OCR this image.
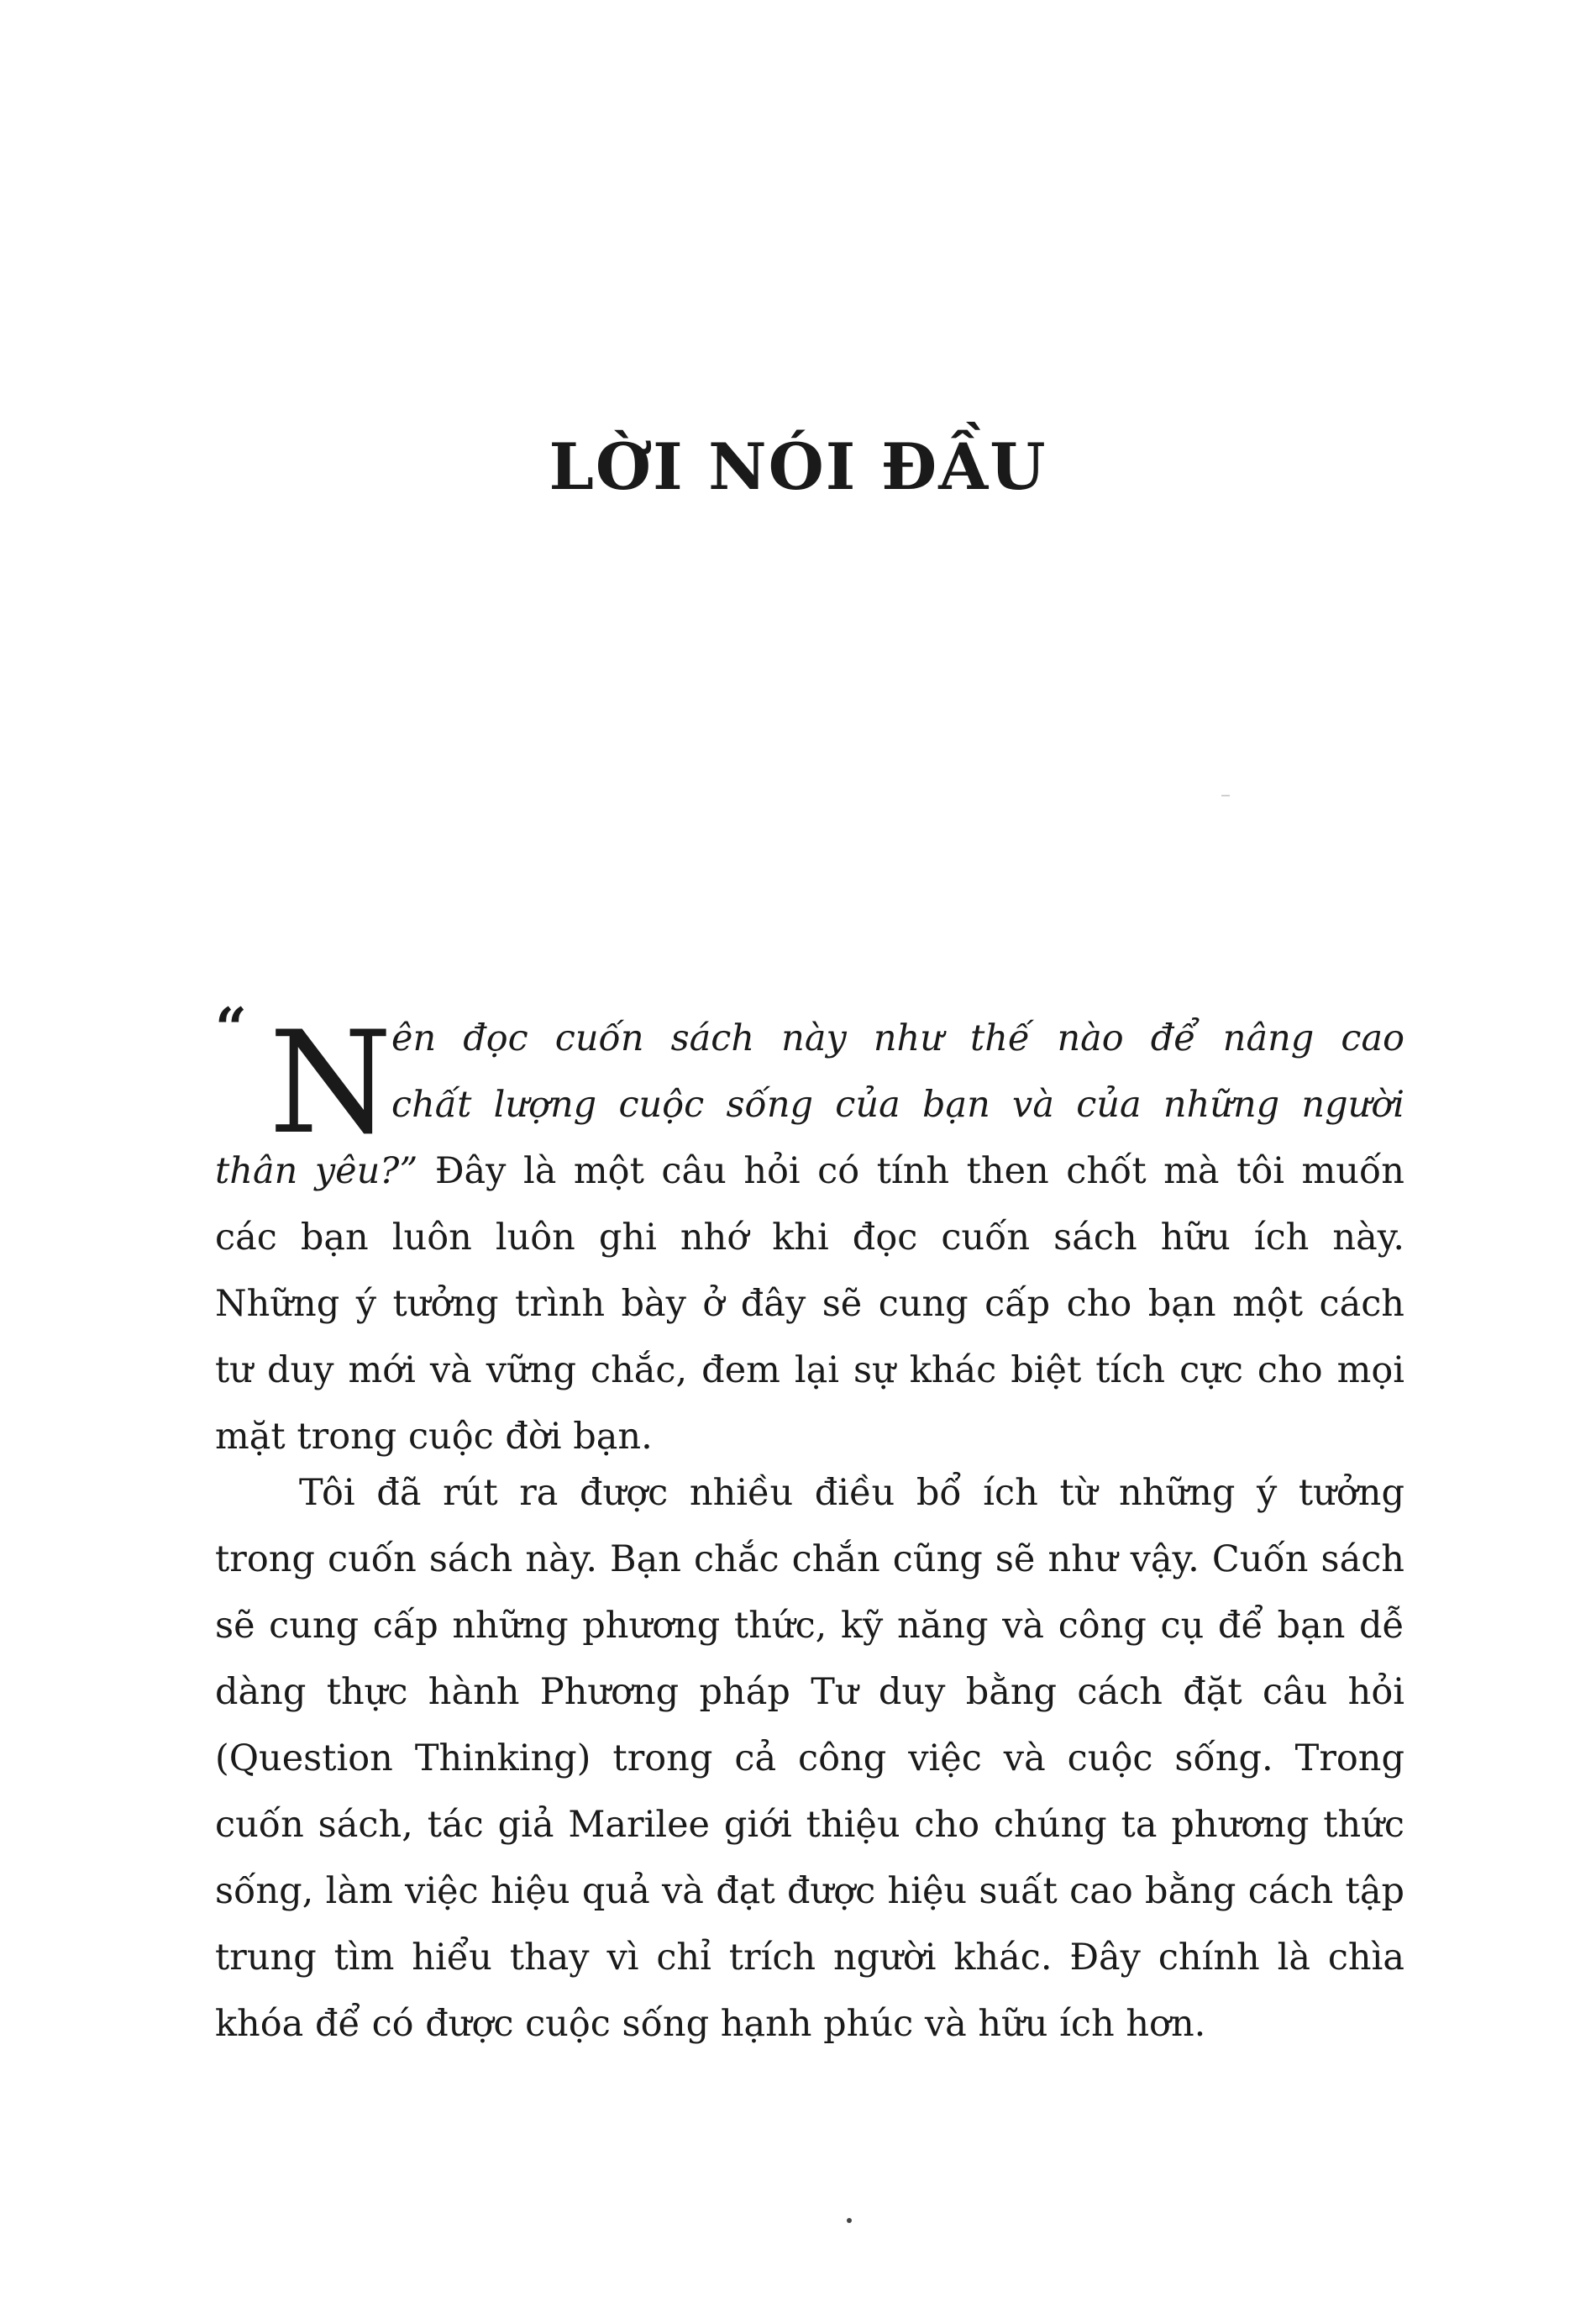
LỜI NÓI ĐẦU
“ N ên đọc cuốn sách này như thế nào để nâng cao
chất lượng cuộc sống của bạn và của những người
thân yêu?” Đây là một câu hỏi có tính then chốt mà tôi muốn
các bạn luôn luôn ghi nhớ khi đọc cuốn sách hữu ích này.
Những ý tưởng trình bày ở đây sẽ cung cấp cho bạn một cách
tư duy mới và vững chắc, đem lại sự khác biệt tích cực cho mọi
mặt trong cuộc đời bạn.
Tôi đã rút ra được nhiều điều bổ ích từ những ý tưởng
trong cuốn sách này. Bạn chắc chắn cũng sẽ như vậy. Cuốn sách
sẽ cung cấp những phương thức, kỹ năng và công cụ để bạn dễ
dàng thực hành Phương pháp Tư duy bằng cách đặt câu hỏi
(Question Thinking) trong cả công việc và cuộc sống. Trong
cuốn sách, tác giả Marilee giới thiệu cho chúng ta phương thức
sống, làm việc hiệu quả và đạt được hiệu suất cao bằng cách tập
trung tìm hiểu thay vì chỉ trích người khác. Đây chính là chìa
khóa để có được cuộc sống hạnh phúc và hữu ích hơn.
